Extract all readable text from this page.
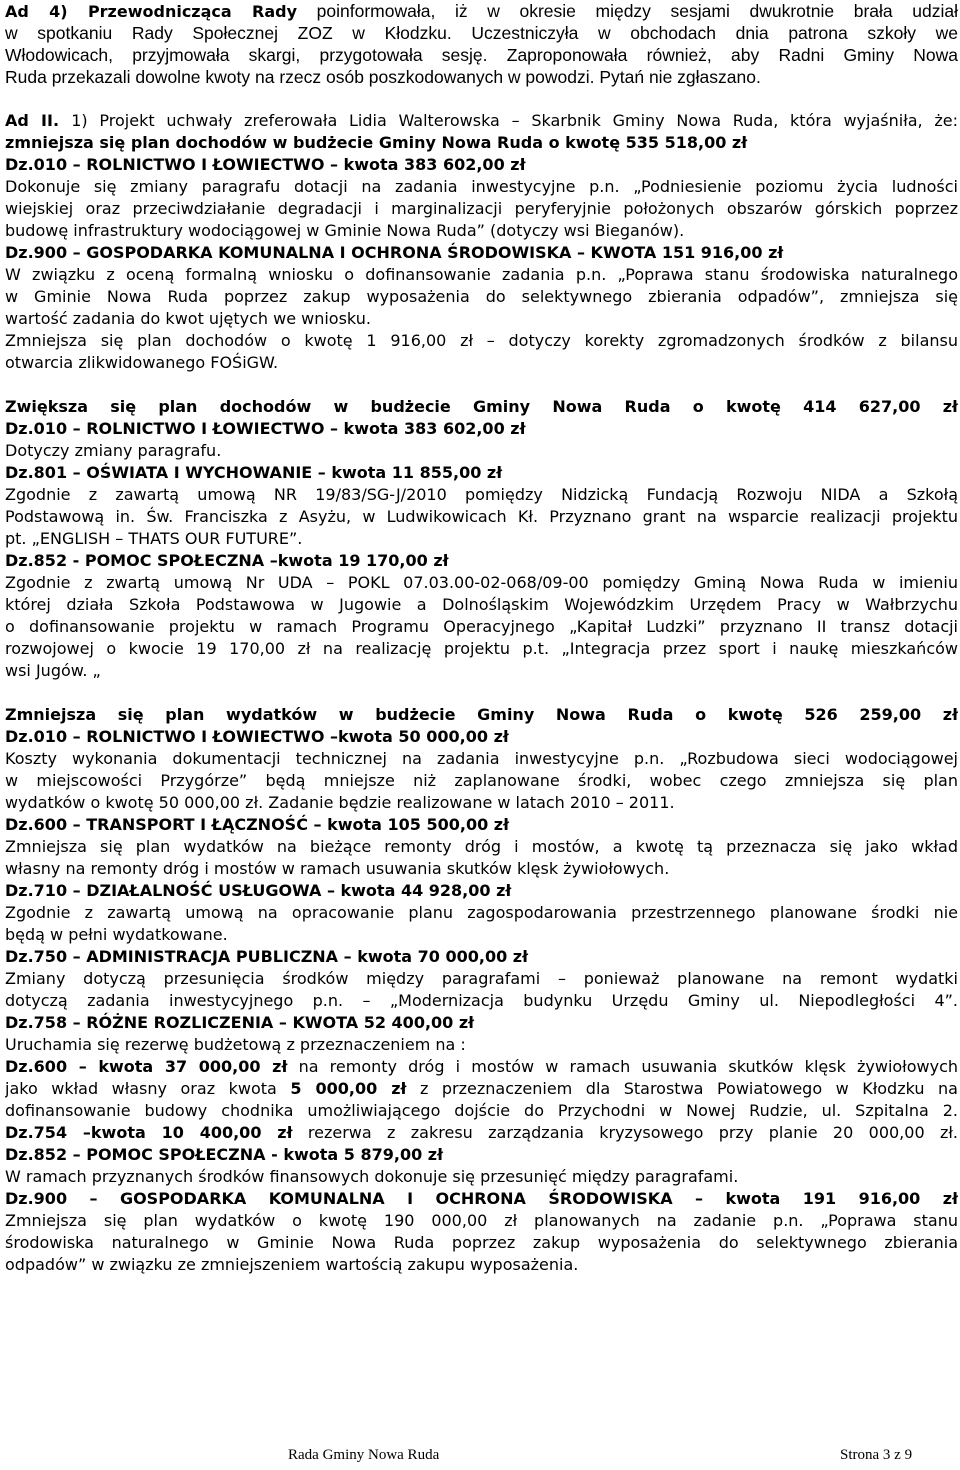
Ad 4) Przewodnicząca Rady poinformowała, iż w okresie między sesjami dwukrotnie brała udział
w spotkaniu Rady Społecznej ZOZ w Kłodzku. Uczestniczyła w obchodach dnia patrona szkoły we
Włodowicach, przyjmowała skargi, przygotowała sesję. Zaproponowała również, aby Radni Gminy Nowa
Ruda przekazali dowolne kwoty na rzecz osób poszkodowanych w powodzi. Pytań nie zgłaszano.
Ad II. 1) Projekt uchwały zreferowała Lidia Walterowska – Skarbnik Gminy Nowa Ruda, która wyjaśniła, że:
zmniejsza się plan dochodów w budżecie Gminy Nowa Ruda o kwotę 535 518,00 zł
Dz.010 – ROLNICTWO I ŁOWIECTWO – kwota 383 602,00 zł
Dokonuje się zmiany paragrafu dotacji na zadania inwestycyjne p.n. „Podniesienie poziomu życia ludności
wiejskiej oraz przeciwdziałanie degradacji i marginalizacji peryferyjnie położonych obszarów górskich poprzez
budowę infrastruktury wodociągowej w Gminie Nowa Ruda” (dotyczy wsi Bieganów).
Dz.900 – GOSPODARKA KOMUNALNA I OCHRONA ŚRODOWISKA – KWOTA 151 916,00 zł
W związku z oceną formalną wniosku o dofinansowanie zadania p.n. „Poprawa stanu środowiska naturalnego
w Gminie Nowa Ruda poprzez zakup wyposażenia do selektywnego zbierania odpadów”, zmniejsza się
wartość zadania do kwot ujętych we wniosku.
Zmniejsza się plan dochodów o kwotę 1 916,00 zł – dotyczy korekty zgromadzonych środków z bilansu
otwarcia zlikwidowanego FOŚiGW.
Zwiększa się plan dochodów w budżecie Gminy Nowa Ruda o kwotę 414 627,00 zł
Dz.010 – ROLNICTWO I ŁOWIECTWO – kwota 383 602,00 zł
Dotyczy zmiany paragrafu.
Dz.801 – OŚWIATA I WYCHOWANIE – kwota 11 855,00 zł
Zgodnie z zawartą umową NR 19/83/SG-J/2010 pomiędzy Nidzicką Fundacją Rozwoju NIDA a Szkołą
Podstawową in. Św. Franciszka z Asyżu, w Ludwikowicach Kł. Przyznano grant na wsparcie realizacji projektu
pt. „ENGLISH – THATS OUR FUTURE”.
Dz.852 - POMOC SPOŁECZNA –kwota 19 170,00 zł
Zgodnie z zwartą umową Nr UDA – POKL 07.03.00-02-068/09-00 pomiędzy Gminą Nowa Ruda w imieniu
której działa Szkoła Podstawowa w Jugowie a Dolnośląskim Wojewódzkim Urzędem Pracy w Wałbrzychu
o dofinansowanie projektu w ramach Programu Operacyjnego „Kapitał Ludzki” przyznano II transz dotacji
rozwojowej o kwocie 19 170,00 zł na realizację projektu p.t. „Integracja przez sport i naukę mieszkańców
wsi Jugów. „
Zmniejsza się plan wydatków w budżecie Gminy Nowa Ruda o kwotę 526 259,00 zł
Dz.010 – ROLNICTWO I ŁOWIECTWO –kwota 50 000,00 zł
Koszty wykonania dokumentacji technicznej na zadania inwestycyjne p.n. „Rozbudowa sieci wodociągowej
w miejscowości Przygórze” będą mniejsze niż zaplanowane środki, wobec czego zmniejsza się plan
wydatków o kwotę 50 000,00 zł. Zadanie będzie realizowane w latach 2010 – 2011.
Dz.600 – TRANSPORT I ŁĄCZNOŚĆ – kwota 105 500,00 zł
Zmniejsza się plan wydatków na bieżące remonty dróg i mostów, a kwotę tą przeznacza się jako wkład
własny na remonty dróg i mostów w ramach usuwania skutków klęsk żywiołowych.
Dz.710 – DZIAŁALNOŚĆ USŁUGOWA – kwota 44 928,00 zł
Zgodnie z zawartą umową na opracowanie planu zagospodarowania przestrzennego planowane środki nie
będą w pełni wydatkowane.
Dz.750 – ADMINISTRACJA PUBLICZNA – kwota 70 000,00 zł
Zmiany dotyczą przesunięcia środków między paragrafami – ponieważ planowane na remont wydatki
dotyczą zadania inwestycyjnego p.n. – „Modernizacja budynku Urzędu Gminy ul. Niepodległości 4”.
Dz.758 – RÓŻNE ROZLICZENIA – KWOTA 52 400,00 zł
Uruchamia się rezerwę budżetową z przeznaczeniem na :
Dz.600 – kwota 37 000,00 zł na remonty dróg i mostów w ramach usuwania skutków klęsk żywiołowych
jako wkład własny oraz kwota 5 000,00 zł z przeznaczeniem dla Starostwa Powiatowego w Kłodzku na
dofinansowanie budowy chodnika umożliwiającego dojście do Przychodni w Nowej Rudzie, ul. Szpitalna 2.
Dz.754 –kwota 10 400,00 zł rezerwa z zakresu zarządzania kryzysowego przy planie 20 000,00 zł.
Dz.852 – POMOC SPOŁECZNA - kwota 5 879,00 zł
W ramach przyznanych środków finansowych dokonuje się przesunięć między paragrafami.
Dz.900 – GOSPODARKA KOMUNALNA I OCHRONA ŚRODOWISKA – kwota 191 916,00 zł
Zmniejsza się plan wydatków o kwotę 190 000,00 zł planowanych na zadanie p.n. „Poprawa stanu
środowiska naturalnego w Gminie Nowa Ruda poprzez zakup wyposażenia do selektywnego zbierania
odpadów” w związku ze zmniejszeniem wartością zakupu wyposażenia.
Rada Gminy Nowa Ruda	Strona 3 z 9
